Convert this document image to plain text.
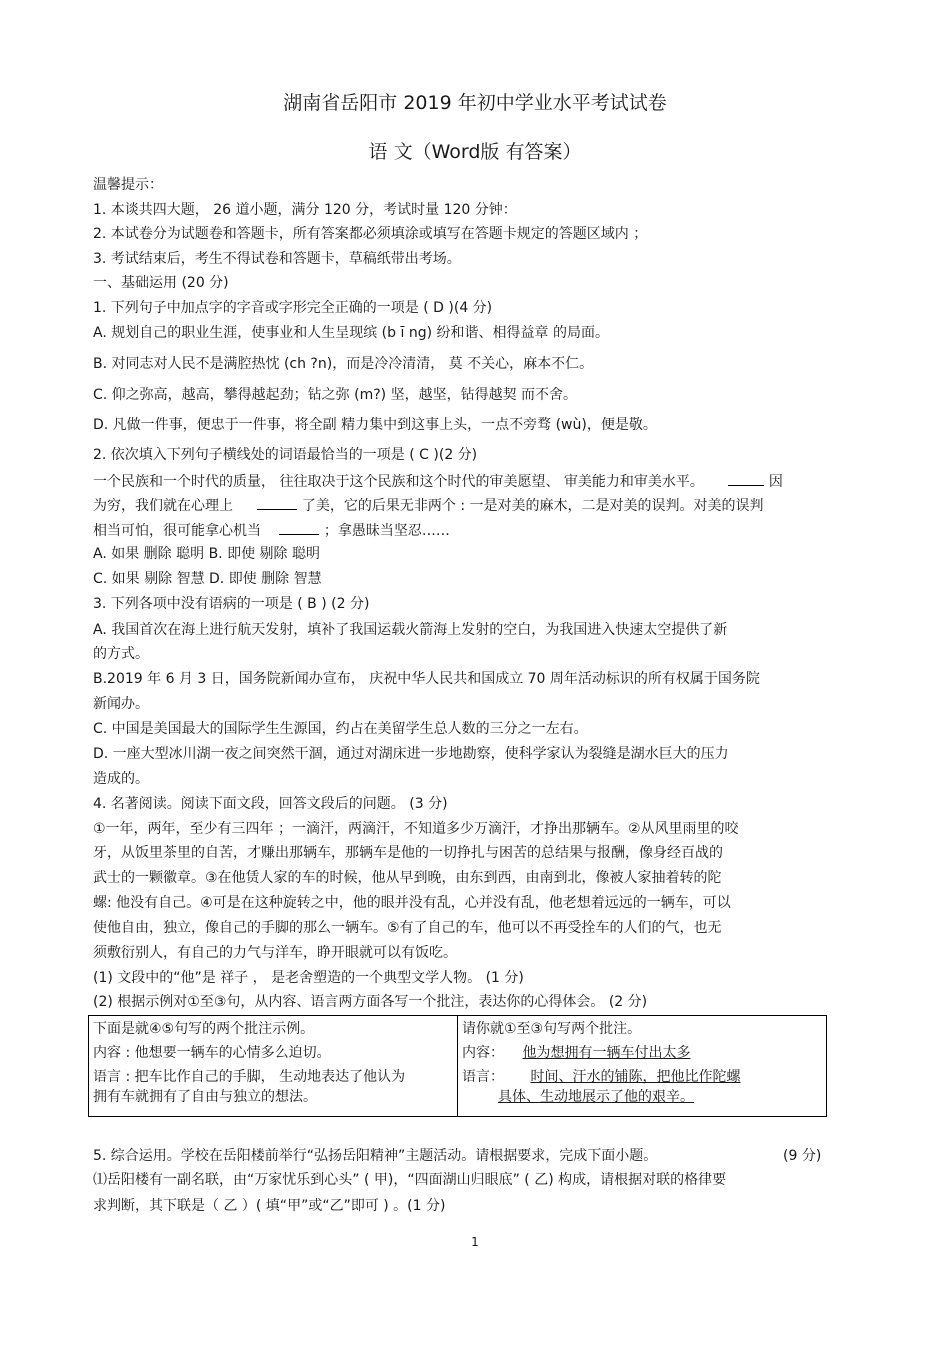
湖南省岳阳市 2019 年初中学业水平考试试卷
语 文（Word版 有答案）
温馨提示：
1. 本谈共四大题， 26 道小题，满分 120 分，考试时量 120 分钟：
2. 本试卷分为试题卷和答题卡，所有答案都必须填涂或填写在答题卡规定的答题区域内 ；
3. 考试结束后，考生不得试卷和答题卡，草稿纸带出考场。
一、基础运用 (20 分)
1. 下列句子中加点字的字音或字形完全正确的一项是 ( D )(4 分)
A. 规划自己的职业生涯，使事业和人生呈现缤 (b ī ng) 纷和谐、相得益章 的局面。
B. 对同志对人民不是满腔热忱 (ch ?n)，而是冷冷清清， 莫 不关心，麻本不仁。
C. 仰之弥高，越高，攀得越起劲；钻之弥 (m?) 坚，越坚，钻得越契 而不舍。
D. 凡做一件事，便忠于一件事，将全副 精力集中到这事上头，一点不旁骛 (wù)，便是敬。
2. 依次填入下列句子横线处的词语最恰当的一项是 ( C )(2 分)
一个民族和一个时代的质量， 往往取决于这个民族和这个时代的审美愿望、 审美能力和审美水平。	因
为穷，我们就在心理上	了美，它的后果无非两个 : 一是对美的麻木，二是对美的误判。对美的误判
相当可怕，很可能拿心机当	；拿愚昧当坚忍……
A. 如果 删除 聪明 B. 即使 剔除 聪明
C. 如果 剔除 智慧 D. 即使 删除 智慧
3. 下列各项中没有语病的一项是 ( B ) (2 分)
A. 我国首次在海上进行航天发射，填补了我国运载火箭海上发射的空白，为我国进入快速太空提供了新
的方式。
B.2019 年 6 月 3 日，国务院新闻办宣布， 庆祝中华人民共和国成立 70 周年活动标识的所有权属于国务院
新闻办。
C. 中国是美国最大的国际学生生源国，约占在美留学生总人数的三分之一左右。
D. 一座大型冰川湖一夜之间突然干涸，通过对湖床进一步地勘察，使科学家认为裂缝是湖水巨大的压力
造成的。
4. 名著阅读。阅读下面文段，回答文段后的问题。 (3 分)
①一年，两年，至少有三四年 ；一滴汗，两滴汗，不知道多少万滴汗，才挣出那辆车。②从风里雨里的咬
牙，从饭里茶里的自苦，才赚出那辆车，那辆车是他的一切挣扎与困苦的总结果与报酬，像身经百战的
武士的一颗徽章。③在他赁人家的车的时候，他从早到晚，由东到西，由南到北，像被人家抽着转的陀
螺: 他没有自己。④可是在这种旋转之中，他的眼并没有乱，心并没有乱，他老想着远远的一辆车，可以
使他自由，独立，像自己的手脚的那么一辆车。⑤有了自己的车，他可以不再受拴车的人们的气，也无
须敷衍别人，有自己的力气与洋车，睁开眼就可以有饭吃。
(1) 文段中的“他”是 祥子 ， 是老舍塑造的一个典型文学人物。 (1 分)
(2) 根据示例对①至③句，从内容、语言两方面各写一个批注，表达你的心得体会。 (2 分)
下面是就④⑤句写的两个批注示例。
内容 : 他想要一辆车的心情多么迫切。
语言 : 把车比作自己的手脚， 生动地表达了他认为
拥有车就拥有了自由与独立的想法。

请你就①至③句写两个批注。
内容： 他为想拥有一辆车付出太多
语言： 时间、汗水的铺陈，把他比作陀螺
具体、生动地展示了他的艰辛。
5. 综合运用。学校在岳阳楼前举行“弘扬岳阳精神”主题活动。请根据要求，完成下面小题。	(9 分)
⑴岳阳楼有一副名联，由“万家忧乐到心头” ( 甲)，“四面湖山归眼底” ( 乙) 构成，请根据对联的格律要
求判断，其下联是（ 乙 ）( 填“甲”或“乙”即可 ) 。(1 分)
1
